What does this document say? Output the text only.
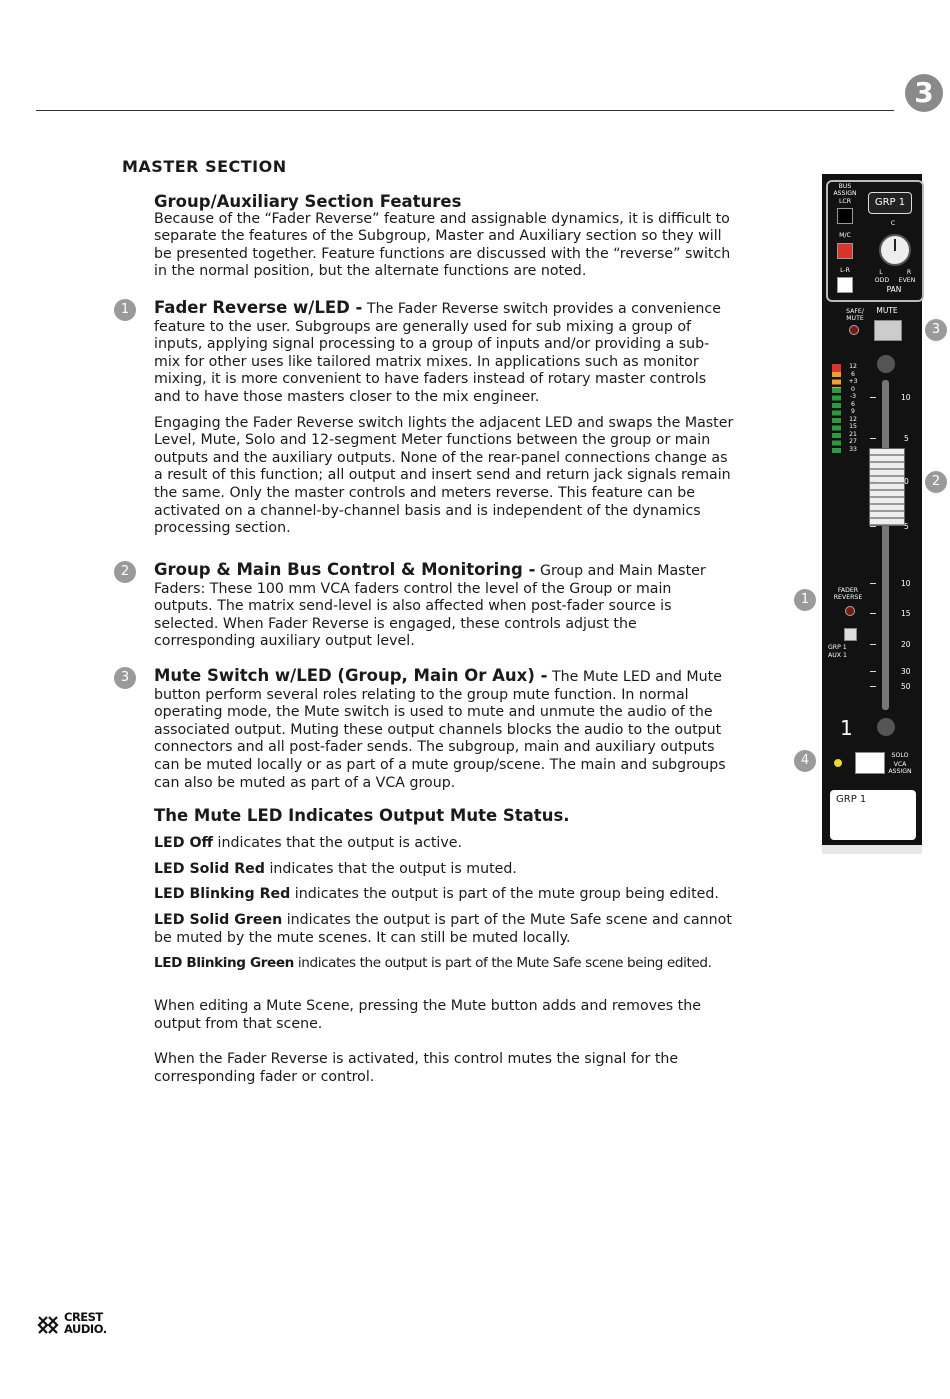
3
MASTER SECTION

Group/Auxiliary Section Features

Because of the “Fader Reverse” feature and assignable dynamics, it is difficult to separate the features of the Subgroup, Master and Auxiliary section so they will be presented together. Feature functions are discussed with the “reverse” switch in the normal position, but the alternate functions are noted.

1	Fader Reverse w/LED - The Fader Reverse switch provides a convenience feature to the user. Subgroups are generally used for sub mixing a group of inputs, applying signal processing to a group of inputs and/or providing a sub-mix for other uses like tailored matrix mixes. In applications such as monitor mixing, it is more convenient to have faders instead of rotary master controls and to have those masters closer to the mix engineer.

Engaging the Fader Reverse switch lights the adjacent LED and swaps the Master Level, Mute, Solo and 12-segment Meter functions between the group or main outputs and the auxiliary outputs. None of the rear-panel connections change as a result of this function; all output and insert send and return jack signals remain the same. Only the master controls and meters reverse. This feature can be activated on a channel-by-channel basis and is independent of the dynamics processing section.

2	Group & Main Bus Control & Monitoring - Group and Main Master Faders: These 100 mm VCA faders control the level of the Group or main outputs. The matrix send-level is also affected when post-fader source is selected. When Fader Reverse is engaged, these controls adjust the corresponding auxiliary output level.

3	Mute Switch w/LED (Group, Main Or Aux) - The Mute LED and Mute button perform several roles relating to the group mute function. In normal operating mode, the Mute switch is used to mute and unmute the audio of the associated output. Muting these output channels blocks the audio to the output connectors and all post-fader sends. The subgroup, main and auxiliary outputs can be muted locally or as part of a mute group/scene. The main and subgroups can also be muted as part of a VCA group.

The Mute LED Indicates Output Mute Status.

LED Off indicates that the output is active.
LED Solid Red indicates that the output is muted.
LED Blinking Red indicates the output is part of the mute group being edited.

LED Solid Green indicates the output is part of the Mute Safe scene and cannot be muted by the mute scenes. It can still be muted locally.

LED Blinking Green indicates the output is part of the Mute Safe scene being edited.

When editing a Mute Scene, pressing the Mute button adds and removes the output from that scene.

When the Fader Reverse is activated, this control mutes the signal for the corresponding fader or control.

CREST
AUDIO.
BUS ASSIGN
LCR
M/C
L-R
GRP 1
C
L	R
ODD	EVEN
PAN
SAFE/ MUTE
MUTE
12
6
+3
0
-3
6
9
12
15
21
27
33
10
5
0
5
10
15
20
30
50
FADER REVERSE
GRP 1
AUX 1
1
SOLO
VCA ASSIGN
GRP 1
3
2
1
4
